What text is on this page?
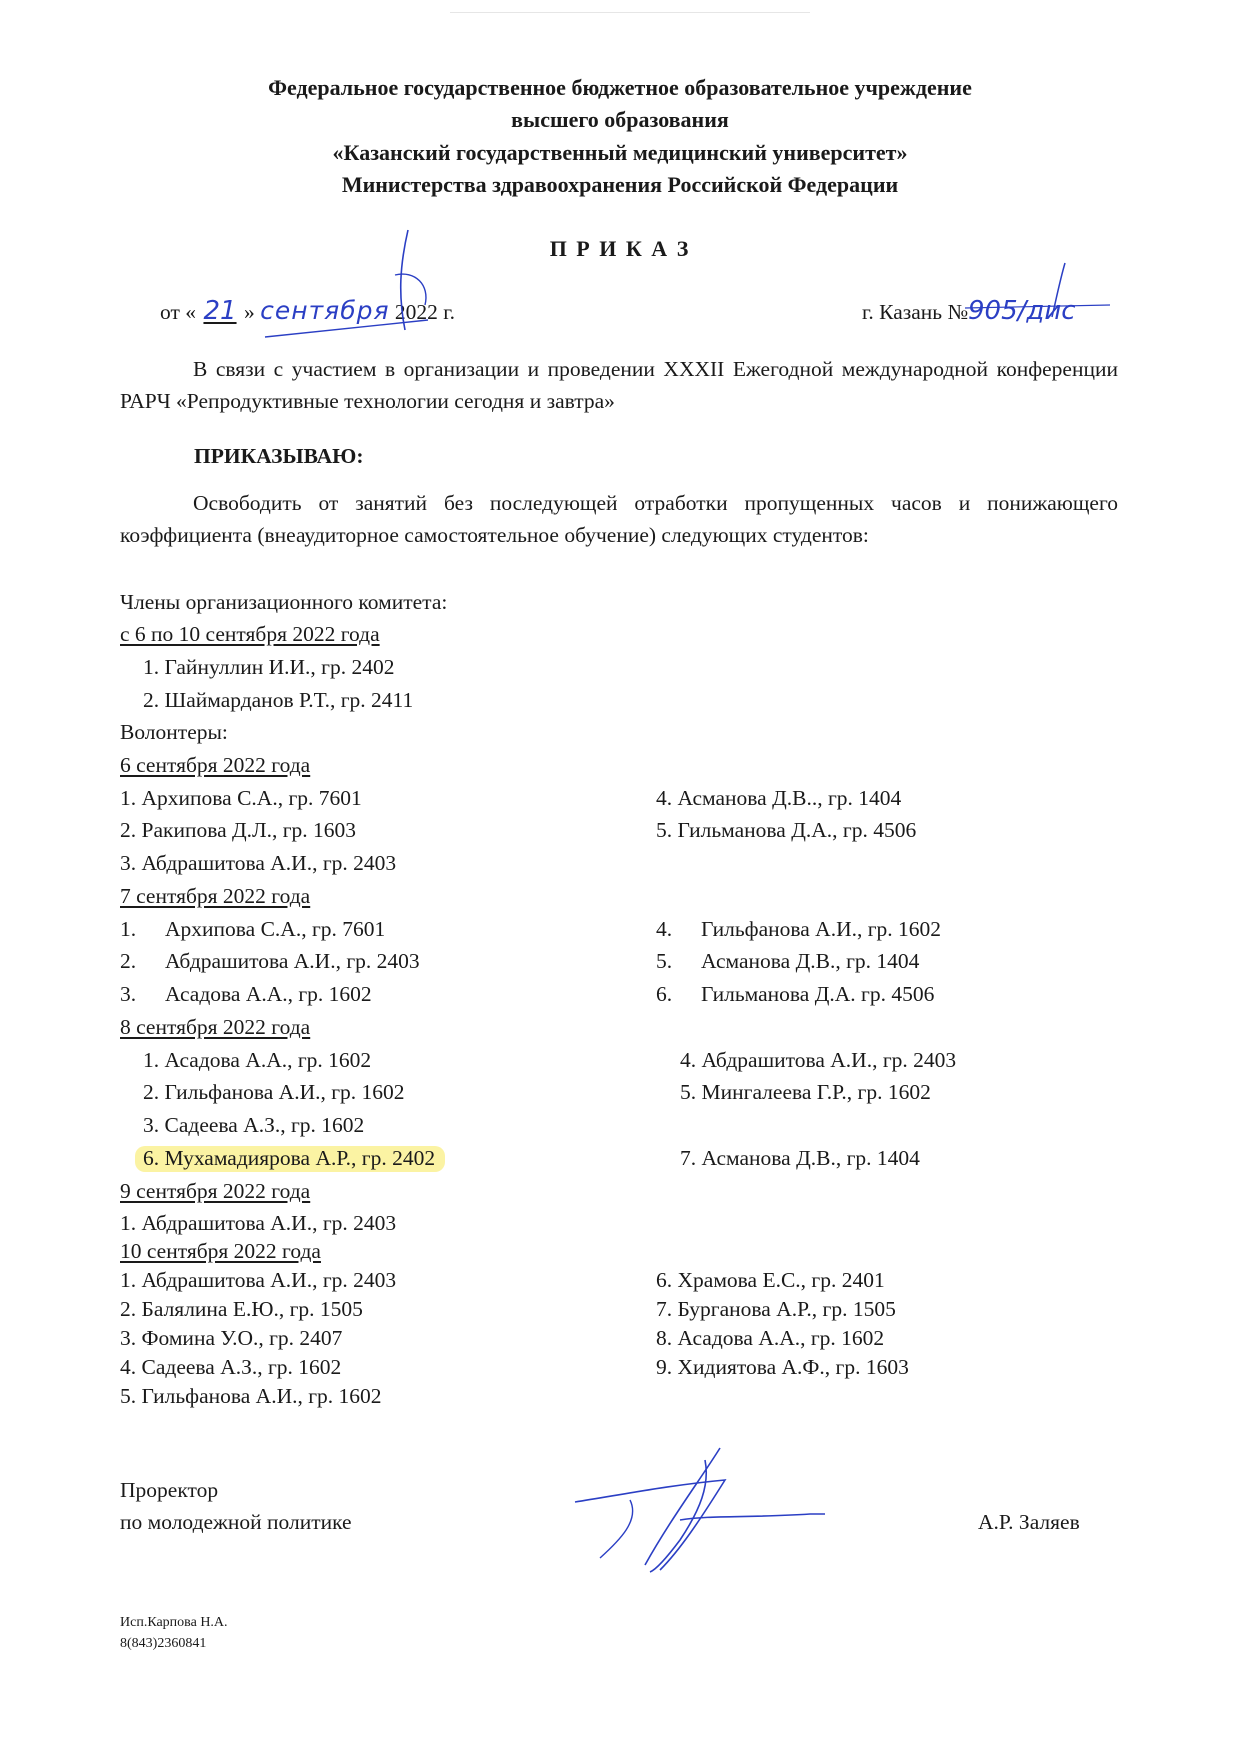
Федеральное государственное бюджетное образовательное учреждение
высшего образования
«Казанский государственный медицинский университет»
Министерства здравоохранения Российской Федерации
П Р И К А З
от « 21 » сентября 2022 г.	г. Казань №905/дис
В связи с участием в организации и проведении XXXII Ежегодной международной конференции РАРЧ «Репродуктивные технологии сегодня и завтра»
ПРИКАЗЫВАЮ:
Освободить от занятий без последующей отработки пропущенных часов и понижающего коэффициента (внеаудиторное самостоятельное обучение) следующих студентов:
Члены организационного комитета:
с 6 по 10 сентября 2022 года
1. Гайнуллин И.И., гр. 2402
2. Шаймарданов Р.Т., гр. 2411
Волонтеры:
6 сентября 2022 года
1. Архипова С.А., гр. 7601
2. Ракипова Д.Л., гр. 1603
3. Абдрашитова А.И., гр. 2403
4. Асманова Д.В.., гр. 1404
5. Гильманова Д.А., гр. 4506
7 сентября 2022 года
1. Архипова С.А., гр. 7601
2. Абдрашитова А.И., гр. 2403
3. Асадова А.А., гр. 1602
4. Гильфанова А.И., гр. 1602
5. Асманова Д.В., гр. 1404
6. Гильманова Д.А. гр. 4506
8 сентября 2022 года
1. Асадова А.А., гр. 1602
2. Гильфанова А.И., гр. 1602
3. Садеева А.З., гр. 1602
6. Мухамадиярова А.Р., гр. 2402
4. Абдрашитова А.И., гр. 2403
5. Мингалеева Г.Р., гр. 1602
7. Асманова Д.В., гр. 1404
9 сентября 2022 года
1. Абдрашитова А.И., гр. 2403
10 сентября 2022 года
1. Абдрашитова А.И., гр. 2403
2. Балялина Е.Ю., гр. 1505
3. Фомина У.О., гр. 2407
4. Садеева А.З., гр. 1602
5. Гильфанова А.И., гр. 1602
6. Храмова Е.С., гр. 2401
7. Бурганова А.Р., гр. 1505
8. Асадова А.А., гр. 1602
9. Хидиятова А.Ф., гр. 1603
Проректор
по молодежной политике	А.Р. Заляев
Исп.Карпова Н.А.
8(843)2360841
